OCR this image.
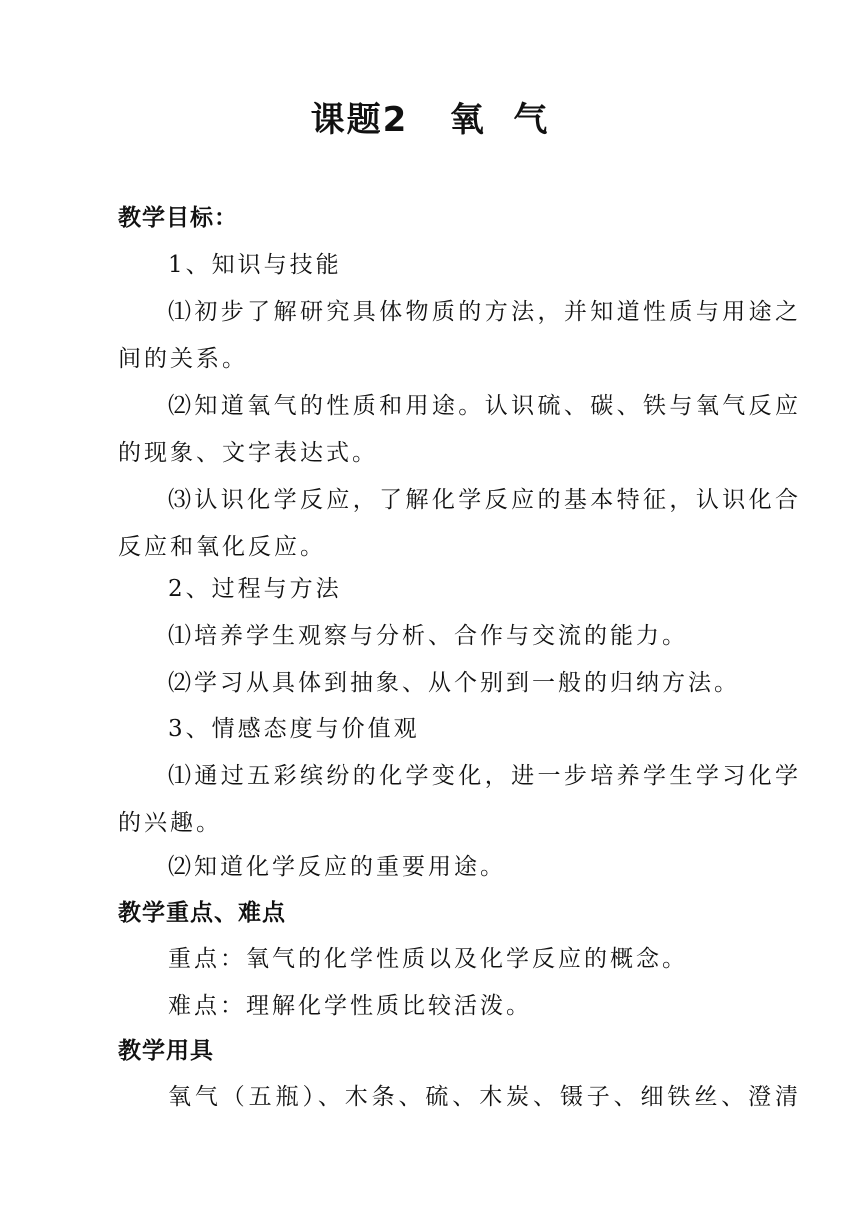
课题2   氧  气
教学目标：
1、知识与技能
⑴初步了解研究具体物质的方法，并知道性质与用途之
间的关系。
⑵知道氧气的性质和用途。认识硫、碳、铁与氧气反应
的现象、文字表达式。
⑶认识化学反应，了解化学反应的基本特征，认识化合
反应和氧化反应。
2、过程与方法
⑴培养学生观察与分析、合作与交流的能力。
⑵学习从具体到抽象、从个别到一般的归纳方法。
3、情感态度与价值观
⑴通过五彩缤纷的化学变化，进一步培养学生学习化学
的兴趣。
⑵知道化学反应的重要用途。
教学重点、难点
重点：氧气的化学性质以及化学反应的概念。
难点：理解化学性质比较活泼。
教学用具
氧气（五瓶）、木条、硫、木炭、镊子、细铁丝、澄清
